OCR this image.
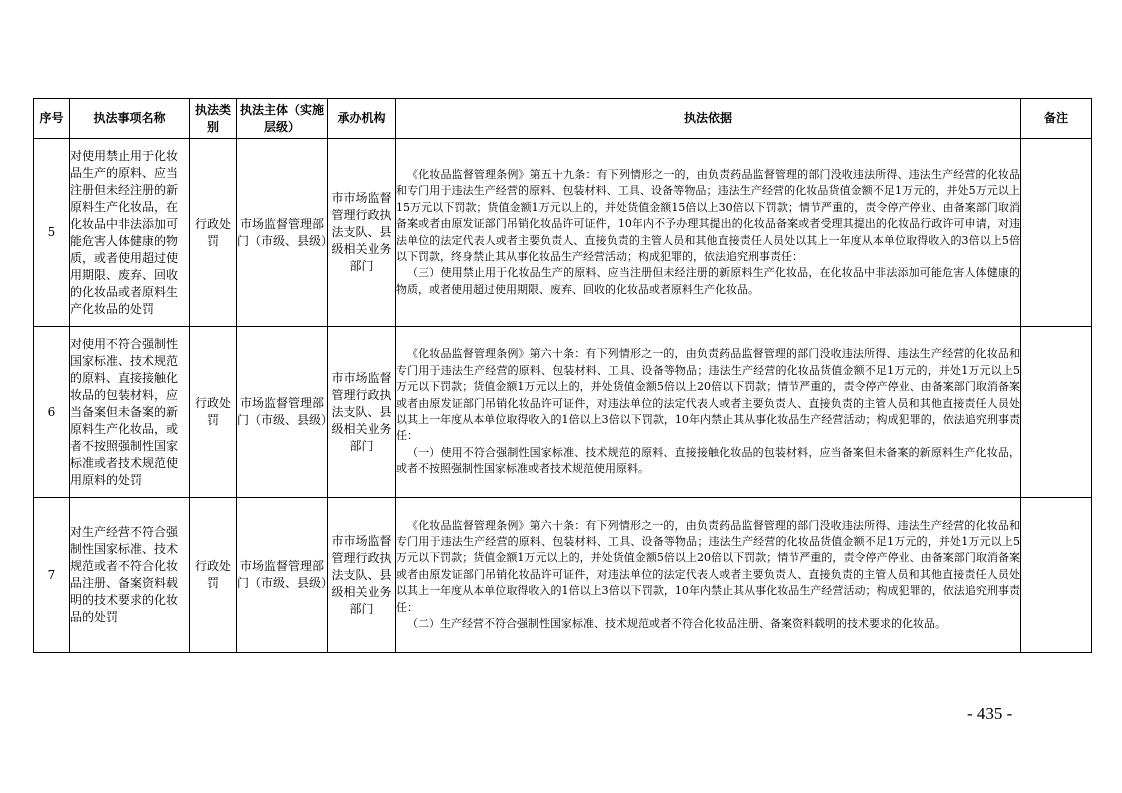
序号	执法事项名称	执法类别	执法主体（实施层级）	承办机构	执法依据	备注
5	对使用禁止用于化妆品生产的原料、应当注册但未经注册的新原料生产化妆品，在化妆品中非法添加可能危害人体健康的物质，或者使用超过使用期限、废弃、回收的化妆品或者原料生产化妆品的处罚	行政处罚	市场监督管理部门（市级、县级）	市市场监督管理行政执法支队、县级相关业务部门	《化妆品监督管理条例》第五十九条：有下列情形之一的，由负责药品监督管理的部门没收违法所得、违法生产经营的化妆品和专门用于违法生产经营的原料、包装材料、工具、设备等物品；违法生产经营的化妆品货值金额不足1万元的，并处5万元以上15万元以下罚款；货值金额1万元以上的，并处货值金额15倍以上30倍以下罚款；情节严重的，责令停产停业、由备案部门取消备案或者由原发证部门吊销化妆品许可证件，10年内不予办理其提出的化妆品备案或者受理其提出的化妆品行政许可申请，对违法单位的法定代表人或者主要负责人、直接负责的主管人员和其他直接责任人员处以其上一年度从本单位取得收入的3倍以上5倍以下罚款，终身禁止其从事化妆品生产经营活动；构成犯罪的，依法追究刑事责任：

（三）使用禁止用于化妆品生产的原料、应当注册但未经注册的新原料生产化妆品，在化妆品中非法添加可能危害人体健康的物质，或者使用超过使用期限、废弃、回收的化妆品或者原料生产化妆品。	

6	对使用不符合强制性国家标准、技术规范的原料、直接接触化妆品的包装材料，应当备案但未备案的新原料生产化妆品，或者不按照强制性国家标准或者技术规范使用原料的处罚	行政处罚	市场监督管理部门（市级、县级）	市市场监督管理行政执法支队、县级相关业务部门	《化妆品监督管理条例》第六十条：有下列情形之一的，由负责药品监督管理的部门没收违法所得、违法生产经营的化妆品和专门用于违法生产经营的原料、包装材料、工具、设备等物品；违法生产经营的化妆品货值金额不足1万元的，并处1万元以上5万元以下罚款；货值金额1万元以上的，并处货值金额5倍以上20倍以下罚款；情节严重的，责令停产停业、由备案部门取消备案或者由原发证部门吊销化妆品许可证件，对违法单位的法定代表人或者主要负责人、直接负责的主管人员和其他直接责任人员处以其上一年度从本单位取得收入的1倍以上3倍以下罚款，10年内禁止其从事化妆品生产经营活动；构成犯罪的，依法追究刑事责任：

（一）使用不符合强制性国家标准、技术规范的原料、直接接触化妆品的包装材料，应当备案但未备案的新原料生产化妆品，或者不按照强制性国家标准或者技术规范使用原料。	

7	对生产经营不符合强制性国家标准、技术规范或者不符合化妆品注册、备案资料载明的技术要求的化妆品的处罚	行政处罚	市场监督管理部门（市级、县级）	市市场监督管理行政执法支队、县级相关业务部门	《化妆品监督管理条例》第六十条：有下列情形之一的，由负责药品监督管理的部门没收违法所得、违法生产经营的化妆品和专门用于违法生产经营的原料、包装材料、工具、设备等物品；违法生产经营的化妆品货值金额不足1万元的，并处1万元以上5万元以下罚款；货值金额1万元以上的，并处货值金额5倍以上20倍以下罚款；情节严重的，责令停产停业、由备案部门取消备案或者由原发证部门吊销化妆品许可证件，对违法单位的法定代表人或者主要负责人、直接负责的主管人员和其他直接责任人员处以其上一年度从本单位取得收入的1倍以上3倍以下罚款，10年内禁止其从事化妆品生产经营活动；构成犯罪的，依法追究刑事责任：

（二）生产经营不符合强制性国家标准、技术规范或者不符合化妆品注册、备案资料载明的技术要求的化妆品。	

- 435 -
